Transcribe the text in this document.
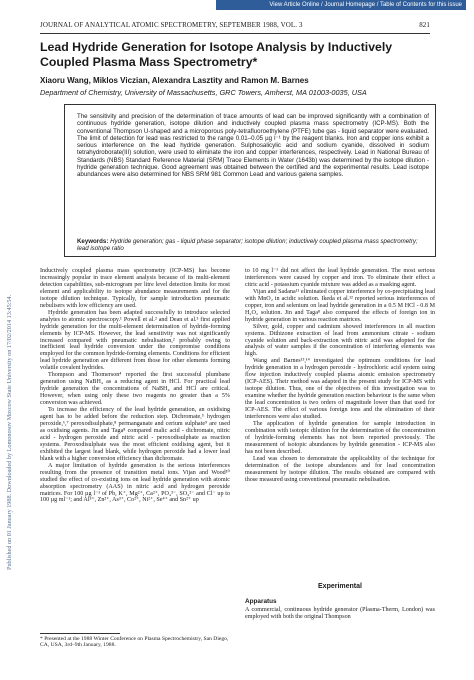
View Article Online / Journal Homepage / Table of Contents for this issue
Published on 01 January 1988. Downloaded by Lomonosov Moscow State University on 17/02/2014 13:45:54.
JOURNAL OF ANALYTICAL ATOMIC SPECTROMETRY, SEPTEMBER 1988, VOL. 3	821
Lead Hydride Generation for Isotope Analysis by Inductively Coupled Plasma Mass Spectrometry*
Xiaoru Wang, Miklos Viczian, Alexandra Lasztity and Ramon M. Barnes
Department of Chemistry, University of Massachusetts, GRC Towers, Amherst, MA 01003-0035, USA
The sensitivity and precision of the determination of trace amounts of lead can be improved significantly with a combination of continuous hydride generation, isotope dilution and inductively coupled plasma mass spectrometry (ICP-MS). Both the conventional Thompson U-shaped and a microporous poly-tetrafluoroethylene (PTFE) tube gas - liquid separator were evaluated. The limit of detection for lead was restricted to the range 0.01–0.05 µg l⁻¹ by the reagent blanks. Iron and copper ions exhibit a serious interference on the lead hydride generation. Sulphosalicylic acid and sodium cyanide, dissolved in sodium tetrahydroborate(III) solution, were used to eliminate the iron and copper interferences, respectively. Lead in National Bureau of Standards (NBS) Standard Reference Material (SRM) Trace Elements in Water (1643b) was determined by the isotope dilution - hydride generation technique. Good agreement was obtained between the certified and the experimental results. Lead isotope abundances were also determined for NBS SRM 981 Common Lead and various galena samples.
Keywords: Hydride generation; gas - liquid phase separator; isotope dilution; inductively coupled plasma mass spectrometry; lead isotope ratio

Inductively coupled plasma mass spectrometry (ICP-MS) has become increasingly popular in trace element analysis because of its multi-element detection capabilities, sub-microgram per litre level detection limits for most element and applicability to isotope abundance measurements and for the isotope dilution technique. Typically, for sample introduction pneumatic nebulisers with low efficiency are used.

Hydride generation has been adapted successfully to introduce selected analytes to atomic spectroscopy.¹ Powell et al.² and Dean et al.³ first applied hydride generation for the multi-element determination of hydride-forming elements by ICP-MS. However, the lead sensitivity was not significantly increased compared with pneumatic nebulisation,² probably owing to inefficient lead hydride conversion under the compromise conditions employed for the common hydride-forming elements. Conditions for efficient lead hydride generation are different from those for other elements forming volatile covalent hydrides.

Thompson and Thomerson⁴ reported the first successful plumbane generation using NaBH₄ as a reducing agent in HCl. For practical lead hydride generation the concentrations of NaBH₄ and HCl are critical. However, when using only these two reagents no greater than a 5% conversion was achieved.

To increase the efficiency of the lead hydride generation, an oxidising agent has to be added before the reduction step. Dichromate,⁵ hydrogen peroxide,⁶,⁷ peroxodisulphate,⁸ permanganate and cerium sulphate⁹ are used as oxidising agents. Jin and Taga⁸ compared malic acid - dichromate, nitric acid - hydrogen peroxide and nitric acid - peroxodisulphate as reaction systems. Peroxodisulphate was the most efficient oxidising agent, but it exhibited the largest lead blank, while hydrogen peroxide had a lower lead blank with a higher conversion efficiency than dichromate.

A major limitation of hydride generation is the serious interferences resulting from the presence of transition metal ions. Vijan and Wood¹⁰ studied the effect of co-existing ions on lead hydride generation with atomic absorption spectrometry (AAS) in nitric acid and hydrogen peroxide matrices. For 100 µg l⁻¹ of Pb, K⁺, Mg²⁺, Ca²⁺, PO₄³⁻, SO₄²⁻ and Cl⁻ up to 100 µg ml⁻¹; and Al³⁺, Zn²⁺, As³⁺, Co²⁺, Ni²⁺, Se⁴⁺ and Sn²⁺ up

to 10 mg l⁻¹ did not affect the lead hydride generation. The most serious interferences were caused by copper and iron. To eliminate their effect a citric acid - potassium cyanide mixture was added as a masking agent.

Vijan and Sadana¹¹ eliminated copper interference by co-precipitating lead with MnO₂ in acidic solution. Ikeda et al.¹² reported serious interferences of copper, iron and selenium on lead hydride generation in a 0.5 M HCl - 0.8 M H₂O₂ solution. Jin and Taga⁸ also compared the effects of foreign ion in hydride generation in various reaction matrices.

Silver, gold, copper and cadmium showed interferences in all reaction systems. Dithizone extraction of lead from ammonium citrate - sodium cyanide solution and back-extraction with nitric acid was adopted for the analysis of water samples if the concentration of interfering elements was high.

Wang and Barnes¹³,¹⁴ investigated the optimum conditions for lead hydride generation in a hydrogen peroxide - hydrochloric acid system using flow injection inductively coupled plasma atomic emission spectrometry (ICP-AES). Their method was adapted in the present study for ICP-MS with isotope dilution. Thus, one of the objectives of this investigation was to examine whether the hydride generation reaction behaviour is the same when the lead concentration is two orders of magnitude lower than that used for ICP-AES. The effect of various foreign ions and the elimination of their interferences were also studied.

The application of hydride generation for sample introduction in combination with isotopic dilution for the determination of the concentration of hydride-forming elements has not been reported previously. The measurement of isotopic abundances by hydride generation - ICP-MS also has not been described.

Lead was chosen to demonstrate the applicability of the technique for determination of the isotope abundances and for lead concentration measurement by isotope dilution. The results obtained are compared with those measured using conventional pneumatic nebulisation.

Experimental
Apparatus
A commercial, continuous hydride generator (Plasma-Therm, London) was employed with both the original Thompson
* Presented at the 1988 Winter Conference on Plasma Spectrochemistry, San Diego, CA, USA, 3rd–9th January, 1988.
